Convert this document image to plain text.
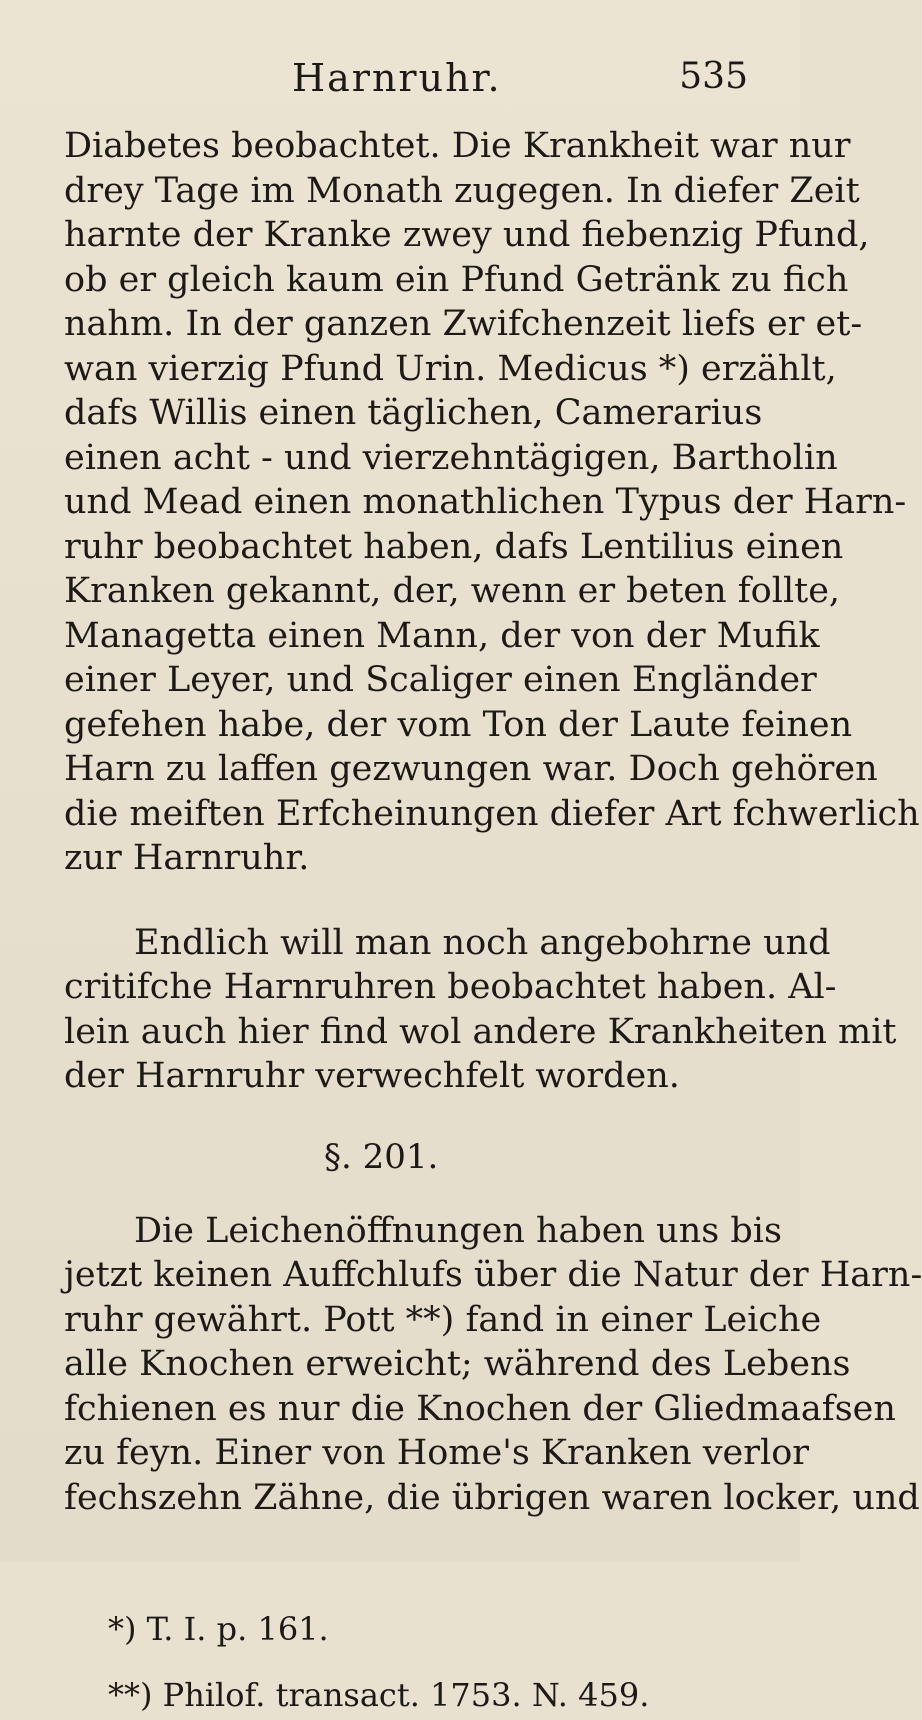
Harnruhr.	535
Diabetes beobachtet. Die Krankheit war nur
drey Tage im Monath zugegen. In diefer Zeit
harnte der Kranke zwey und fiebenzig Pfund,
ob er gleich kaum ein Pfund Getränk zu fich
nahm. In der ganzen Zwifchenzeit liefs er et-
wan vierzig Pfund Urin. Medicus *) erzählt,
dafs Willis einen täglichen, Camerarius
einen acht - und vierzehntägigen, Bartholin
und Mead einen monathlichen Typus der Harn-
ruhr beobachtet haben, dafs Lentilius einen
Kranken gekannt, der, wenn er beten follte,
Managetta einen Mann, der von der Mufik
einer Leyer, und Scaliger einen Engländer
gefehen habe, der vom Ton der Laute feinen
Harn zu laffen gezwungen war. Doch gehören
die meiften Erfcheinungen diefer Art fchwerlich
zur Harnruhr.
Endlich will man noch angebohrne und
critifche Harnruhren beobachtet haben. Al-
lein auch hier find wol andere Krankheiten mit
der Harnruhr verwechfelt worden.
§. 201.
Die Leichenöffnungen haben uns bis
jetzt keinen Auffchlufs über die Natur der Harn-
ruhr gewährt. Pott **) fand in einer Leiche
alle Knochen erweicht; während des Lebens
fchienen es nur die Knochen der Gliedmaafsen
zu feyn. Einer von Home's Kranken verlor
fechszehn Zähne, die übrigen waren locker, und
*) T. I. p. 161.
**) Philof. transact. 1753. N. 459.
